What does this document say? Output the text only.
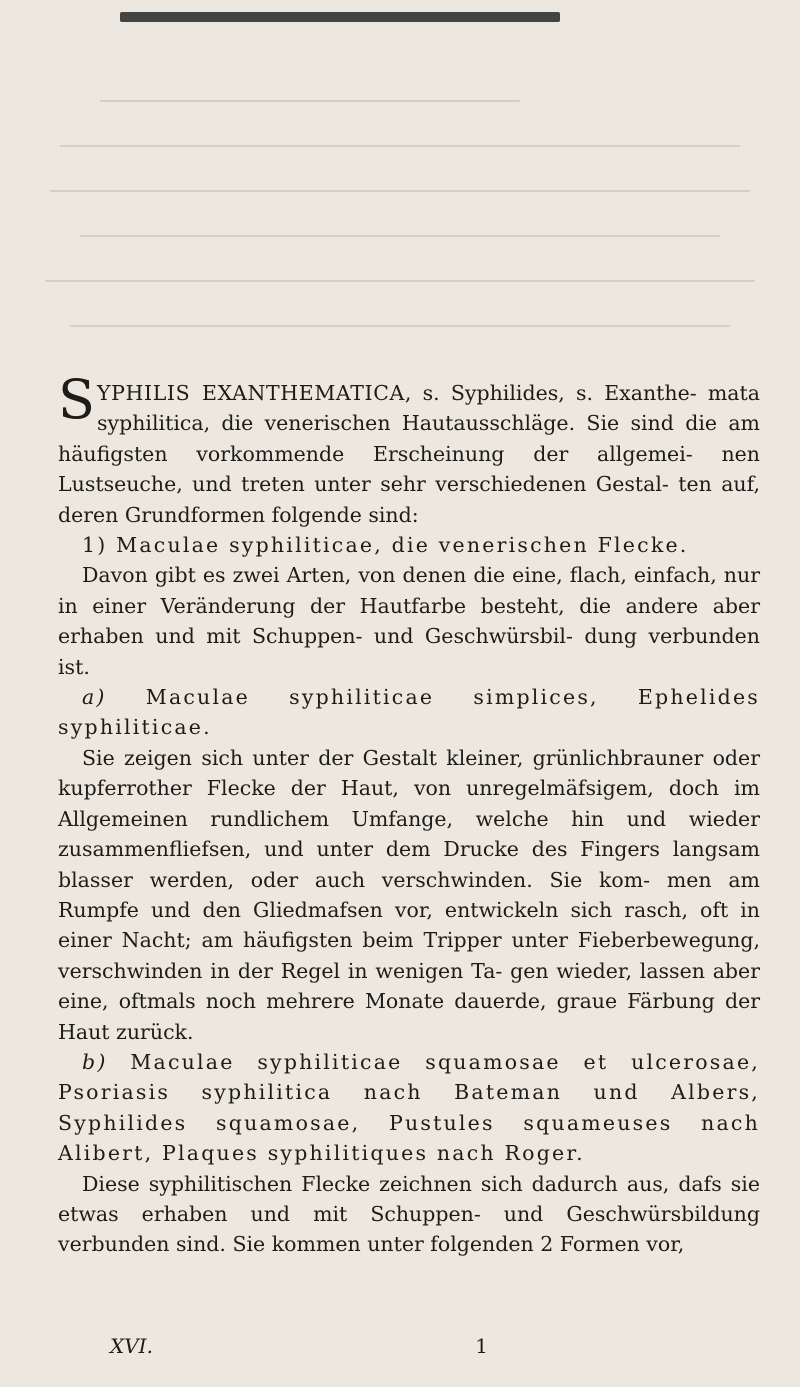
S YPHILIS EXANTHEMATICA, s. Syphilides, s. Exanthe- mata syphilitica, die venerischen Hautausschläge. Sie sind die am häufigsten vorkommende Erscheinung der allgemei- nen Lustseuche, und treten unter sehr verschiedenen Gestal- ten auf, deren Grundformen folgende sind:

1) Maculae syphiliticae, die venerischen Flecke.

Davon gibt es zwei Arten, von denen die eine, flach, einfach, nur in einer Veränderung der Hautfarbe besteht, die andere aber erhaben und mit Schuppen- und Geschwürsbil- dung verbunden ist.

a) Maculae syphiliticae simplices, Ephelides syphiliticae.

Sie zeigen sich unter der Gestalt kleiner, grünlichbrauner oder kupferrother Flecke der Haut, von unregelmäfsigem, doch im Allgemeinen rundlichem Umfange, welche hin und wieder zusammenfliefsen, und unter dem Drucke des Fingers langsam blasser werden, oder auch verschwinden. Sie kom- men am Rumpfe und den Gliedmafsen vor, entwickeln sich rasch, oft in einer Nacht; am häufigsten beim Tripper unter Fieberbewegung, verschwinden in der Regel in wenigen Ta- gen wieder, lassen aber eine, oftmals noch mehrere Monate dauerde, graue Färbung der Haut zurück.

b) Maculae syphiliticae squamosae et ulcerosae, Psoriasis syphilitica nach Bateman und Albers, Syphilides squamosae, Pustules squameuses nach Alibert, Plaques syphilitiques nach Roger.

Diese syphilitischen Flecke zeichnen sich dadurch aus, dafs sie etwas erhaben und mit Schuppen- und Geschwürsbildung verbunden sind. Sie kommen unter folgenden 2 Formen vor,

XVI.	1
